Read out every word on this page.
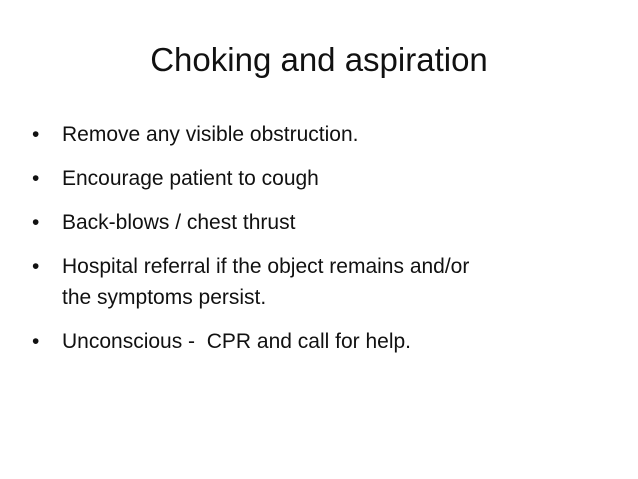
Choking and aspiration
•	Remove any visible obstruction.
•	Encourage patient to cough
•	Back-blows / chest thrust
•	Hospital referral if the object remains and/or
the symptoms persist.
•	Unconscious -  CPR and call for help.
